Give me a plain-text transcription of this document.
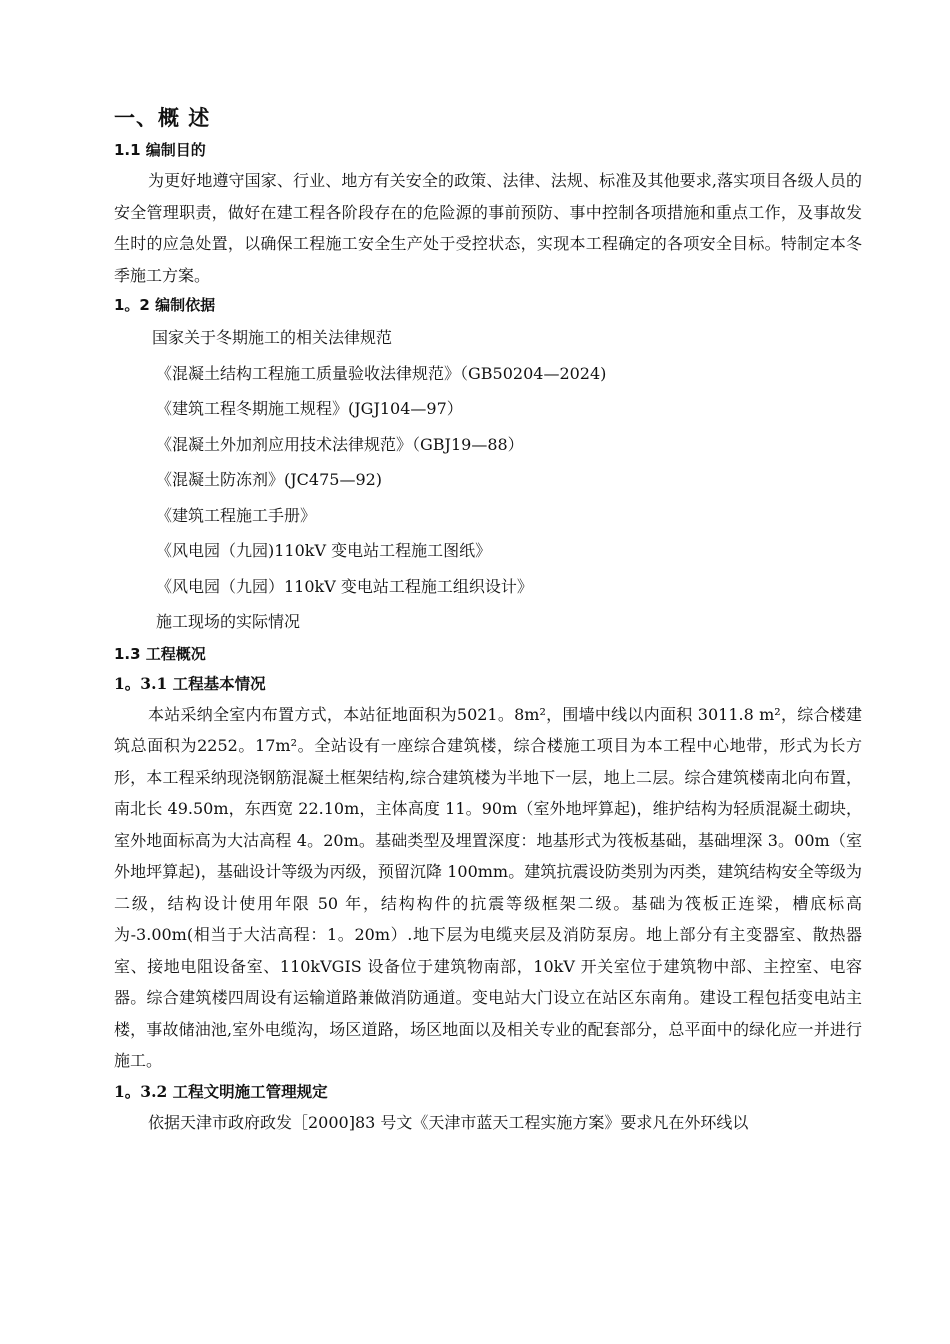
一、概 述
1.1 编制目的

为更好地遵守国家、行业、地方有关安全的政策、法律、法规、标准及其他要求,落实项目各级人员的安全管理职责，做好在建工程各阶段存在的危险源的事前预防、事中控制各项措施和重点工作，及事故发生时的应急处置，以确保工程施工安全生产处于受控状态，实现本工程确定的各项安全目标。特制定本冬季施工方案。

1。2 编制依据
国家关于冬期施工的相关法律规范
《混凝土结构工程施工质量验收法律规范》（GB50204—2024)
《建筑工程冬期施工规程》(JGJ104—97）
《混凝土外加剂应用技术法律规范》（GBJ19—88）
《混凝土防冻剂》(JC475—92)
《建筑工程施工手册》
《风电园（九园)110kV 变电站工程施工图纸》
《风电园（九园）110kV 变电站工程施工组织设计》
施工现场的实际情况
1.3 工程概况
1。3.1 工程基本情况

本站采纳全室内布置方式，本站征地面积为5021。8m²，围墙中线以内面积 3011.8 m²，综合楼建筑总面积为2252。17m²。全站设有一座综合建筑楼，综合楼施工项目为本工程中心地带，形式为长方形，本工程采纳现浇钢筋混凝土框架结构,综合建筑楼为半地下一层，地上二层。综合建筑楼南北向布置，南北长 49.50m，东西宽 22.10m，主体高度 11。90m（室外地坪算起)，维护结构为轻质混凝土砌块，室外地面标高为大沽高程 4。20m。基础类型及埋置深度：地基形式为筏板基础，基础埋深 3。00m（室外地坪算起)，基础设计等级为丙级，预留沉降 100mm。建筑抗震设防类别为丙类，建筑结构安全等级为二级，结构设计使用年限 50 年，结构构件的抗震等级框架二级。基础为筏板正连梁，槽底标高为-3.00m(相当于大沽高程：1。20m）.地下层为电缆夹层及消防泵房。地上部分有主变器室、散热器室、接地电阻设备室、110kVGIS 设备位于建筑物南部，10kV 开关室位于建筑物中部、主控室、电容器。综合建筑楼四周设有运输道路兼做消防通道。变电站大门设立在站区东南角。建设工程包括变电站主楼，事故储油池,室外电缆沟，场区道路，场区地面以及相关专业的配套部分，总平面中的绿化应一并进行施工。

1。3.2 工程文明施工管理规定

依据天津市政府政发［2000]83 号文《天津市蓝天工程实施方案》要求凡在外环线以
